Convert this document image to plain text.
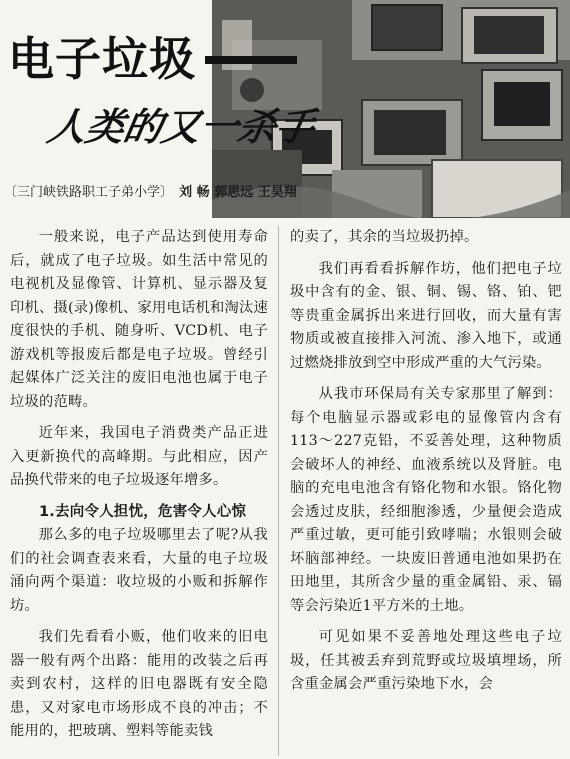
电子垃圾
人类的又一杀手
〔三门峡铁路职工子弟小学〕 刘 畅 郭思远 王昊翔

一般来说，电子产品达到使用寿命后，就成了电子垃圾。如生活中常见的电视机及显像管、计算机、显示器及复印机、摄(录)像机、家用电话机和淘汰速度很快的手机、随身听、VCD机、电子游戏机等报废后都是电子垃圾。曾经引起媒体广泛关注的废旧电池也属于电子垃圾的范畴。

近年来，我国电子消费类产品正进入更新换代的高峰期。与此相应，因产品换代带来的电子垃圾逐年增多。

1.去向令人担忧，危害令人心惊

那么多的电子垃圾哪里去了呢?从我们的社会调查表来看，大量的电子垃圾涌向两个渠道：收垃圾的小贩和拆解作坊。

我们先看看小贩，他们收来的旧电器一般有两个出路：能用的改装之后再卖到农村，这样的旧电器既有安全隐患，又对家电市场形成不良的冲击；不能用的，把玻璃、塑料等能卖钱

的卖了，其余的当垃圾扔掉。

我们再看看拆解作坊，他们把电子垃圾中含有的金、银、铜、锡、铬、铂、钯等贵重金属拆出来进行回收，而大量有害物质或被直接排入河流、渗入地下，或通过燃烧排放到空中形成严重的大气污染。

从我市环保局有关专家那里了解到：每个电脑显示器或彩电的显像管内含有113～227克铅，不妥善处理，这种物质会破坏人的神经、血液系统以及肾脏。电脑的充电电池含有铬化物和水银。铬化物会透过皮肤，经细胞渗透，少量便会造成严重过敏，更可能引致哮喘；水银则会破坏脑部神经。一块废旧普通电池如果扔在田地里，其所含少量的重金属铅、汞、镉等会污染近1平方米的土地。

可见如果不妥善地处理这些电子垃圾，任其被丢弃到荒野或垃圾填埋场，所含重金属会严重污染地下水，会
